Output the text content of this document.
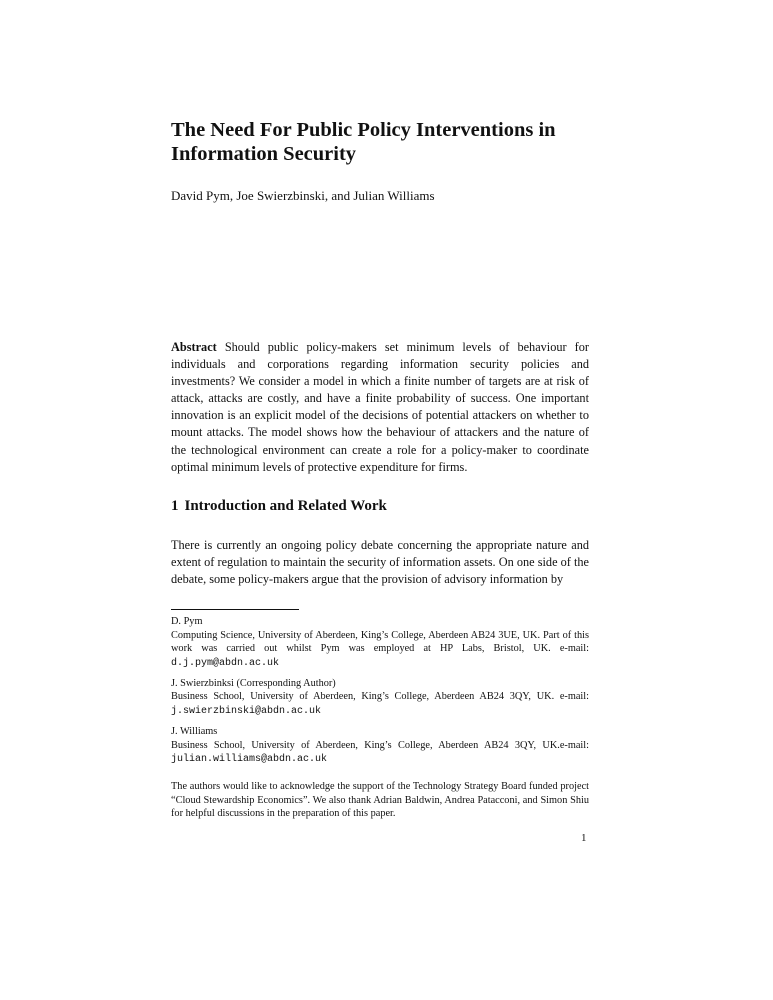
The Need For Public Policy Interventions in
Information Security

David Pym, Joe Swierzbinski, and Julian Williams

Abstract Should public policy-makers set minimum levels of behaviour for individuals and corporations regarding information security policies and investments? We consider a model in which a finite number of targets are at risk of attack, attacks are costly, and have a finite probability of success. One important innovation is an explicit model of the decisions of potential attackers on whether to mount attacks. The model shows how the behaviour of attackers and the nature of the technological environment can create a role for a policy-maker to coordinate optimal minimum levels of protective expenditure for firms.

1 Introduction and Related Work

There is currently an ongoing policy debate concerning the appropriate nature and extent of regulation to maintain the security of information assets. On one side of the debate, some policy-makers argue that the provision of advisory information by

D. Pym

Computing Science, University of Aberdeen, King’s College, Aberdeen AB24 3UE, UK. Part of this work was carried out whilst Pym was employed at HP Labs, Bristol, UK. e-mail: d.j.pym@abdn.ac.uk

J. Swierzbinksi (Corresponding Author)

Business School, University of Aberdeen, King’s College, Aberdeen AB24 3QY, UK. e-mail: j.swierzbinski@abdn.ac.uk

J. Williams

Business School, University of Aberdeen, King’s College, Aberdeen AB24 3QY, UK.e-mail: julian.williams@abdn.ac.uk

The authors would like to acknowledge the support of the Technology Strategy Board funded project “Cloud Stewardship Economics”. We also thank Adrian Baldwin, Andrea Patacconi, and Simon Shiu for helpful discussions in the preparation of this paper.

1
